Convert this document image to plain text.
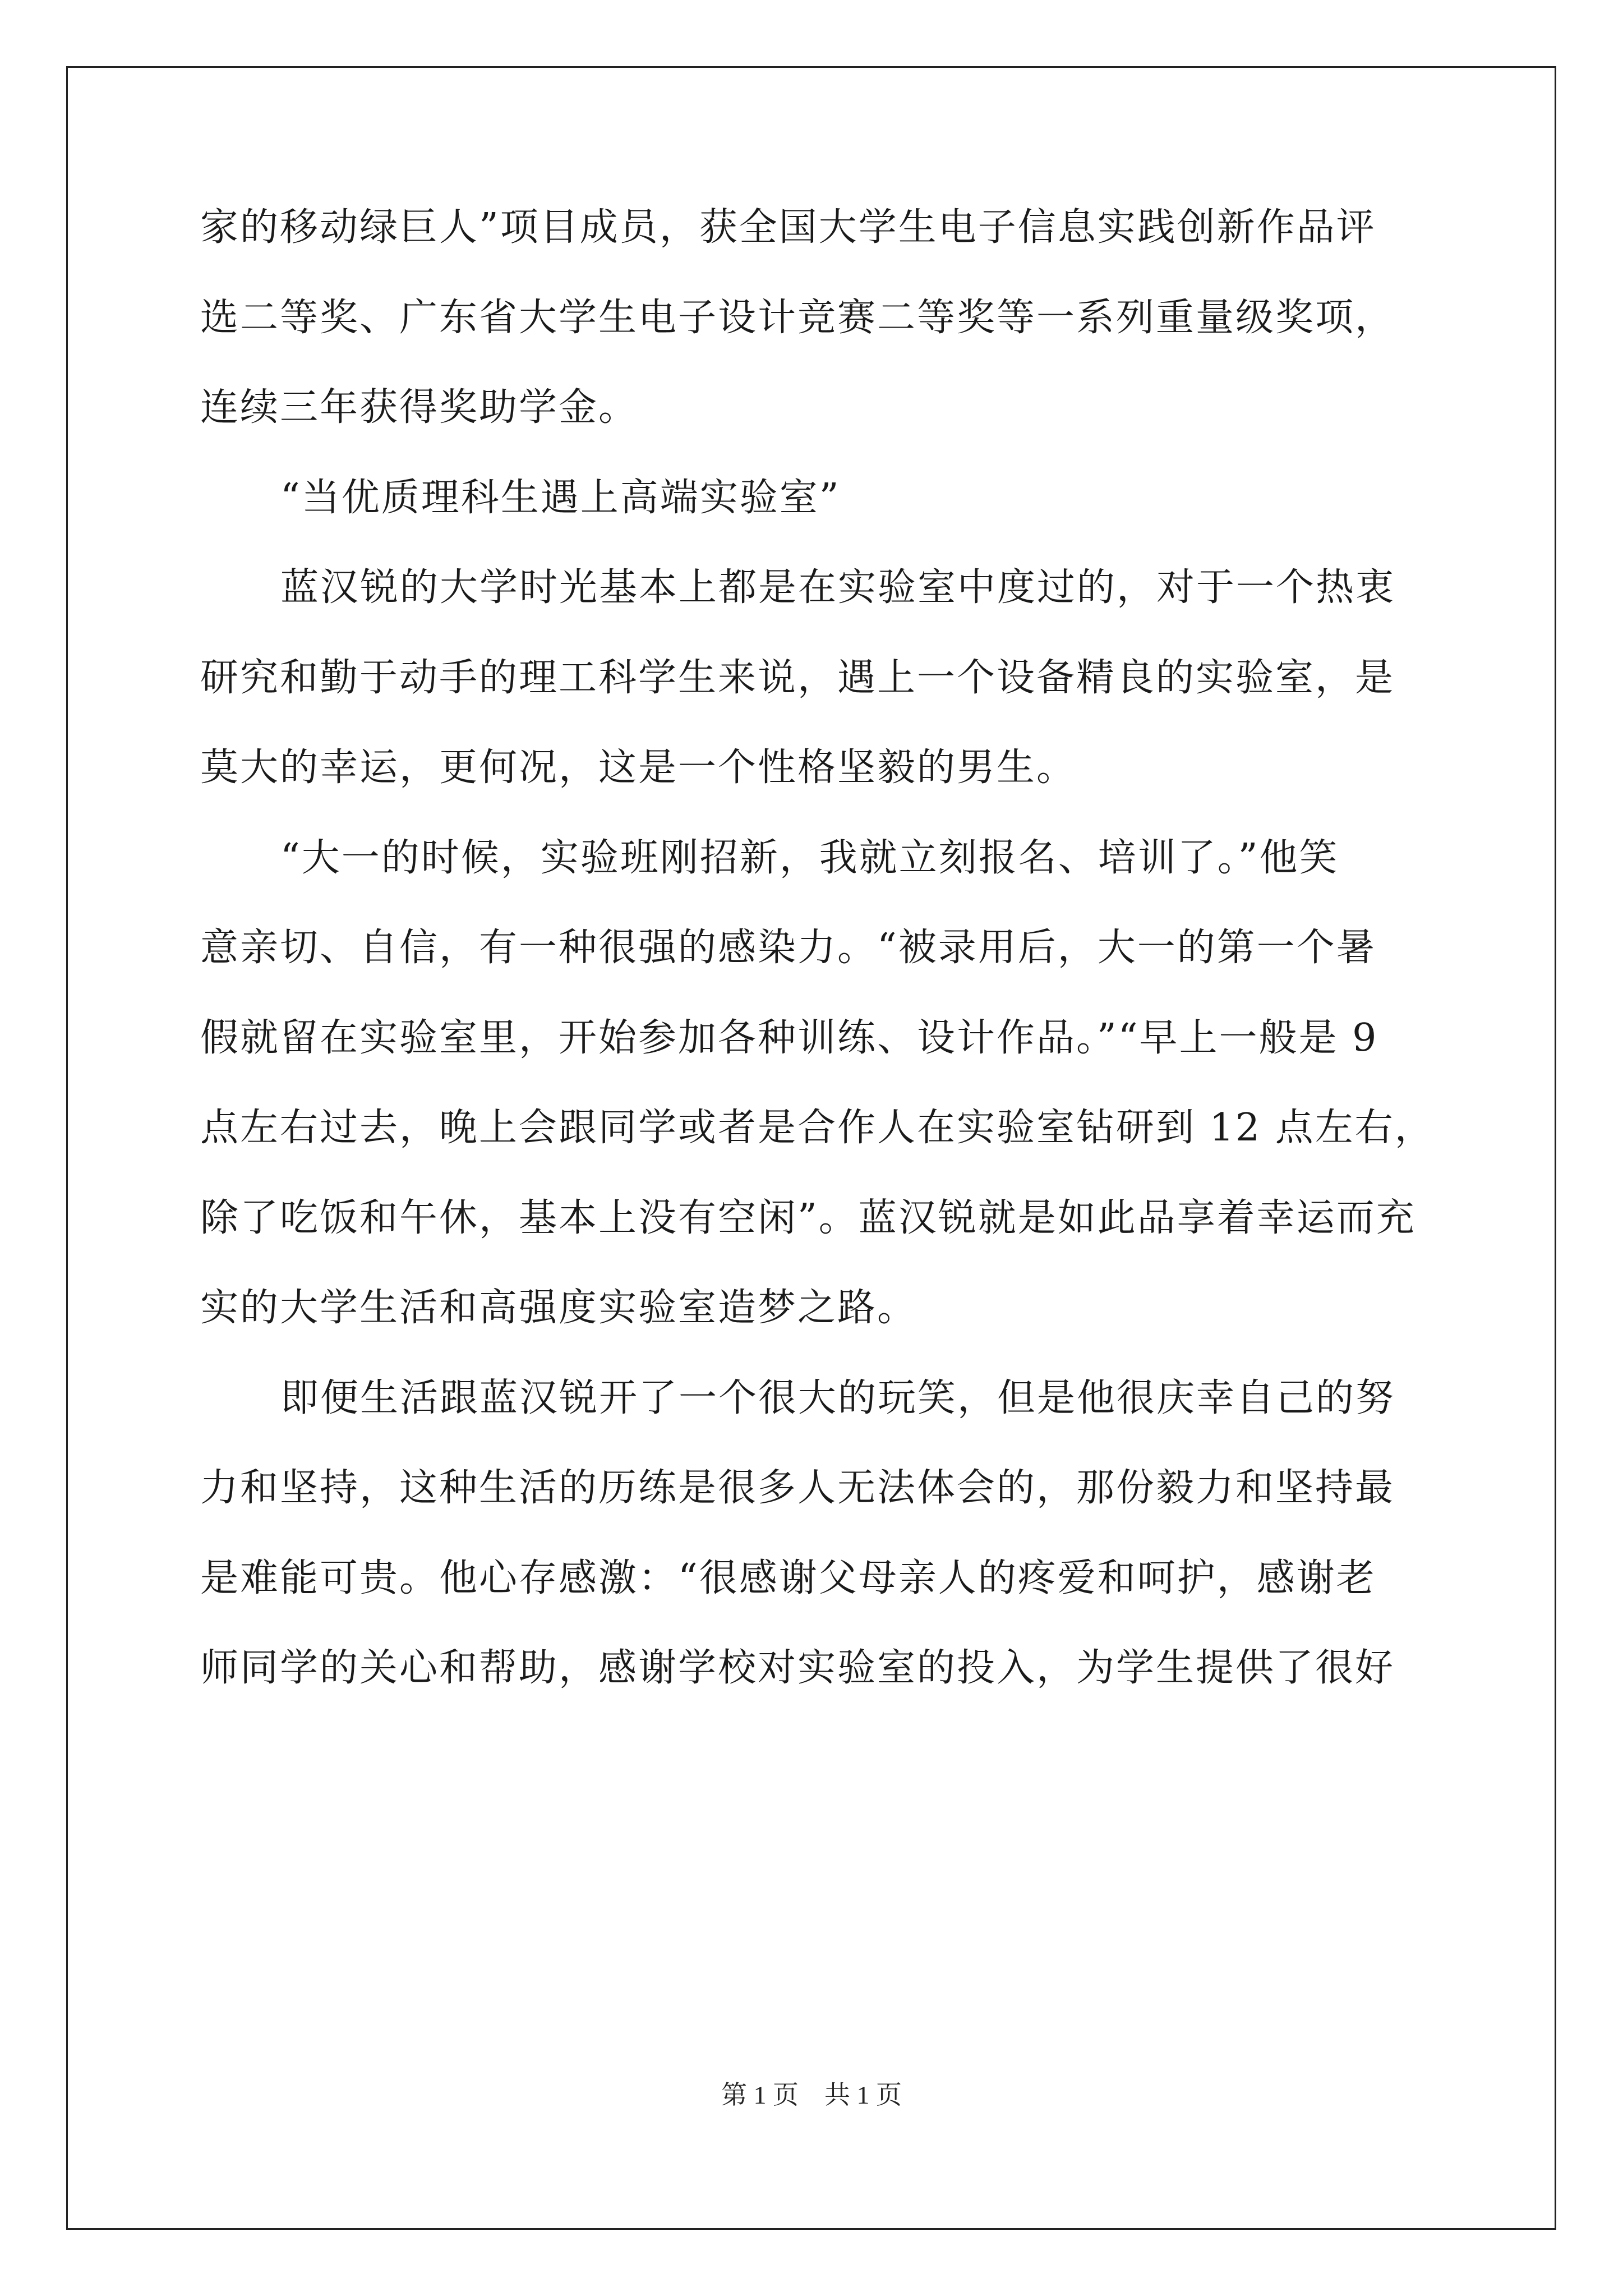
家的移动绿巨人”项目成员，获全国大学生电子信息实践创新作品评
选二等奖、广东省大学生电子设计竞赛二等奖等一系列重量级奖项，
连续三年获得奖助学金。
“当优质理科生遇上高端实验室”
蓝汉锐的大学时光基本上都是在实验室中度过的，对于一个热衷
研究和勤于动手的理工科学生来说，遇上一个设备精良的实验室，是
莫大的幸运，更何况，这是一个性格坚毅的男生。
“大一的时候，实验班刚招新，我就立刻报名、培训了。”他笑
意亲切、自信，有一种很强的感染力。“被录用后，大一的第一个暑
假就留在实验室里，开始参加各种训练、设计作品。”“早上一般是 9
点左右过去，晚上会跟同学或者是合作人在实验室钻研到 12 点左右，
除了吃饭和午休，基本上没有空闲”。蓝汉锐就是如此品享着幸运而充
实的大学生活和高强度实验室造梦之路。
即便生活跟蓝汉锐开了一个很大的玩笑，但是他很庆幸自己的努
力和坚持，这种生活的历练是很多人无法体会的，那份毅力和坚持最
是难能可贵。他心存感激：“很感谢父母亲人的疼爱和呵护，感谢老
师同学的关心和帮助，感谢学校对实验室的投入，为学生提供了很好
第 1 页    共 1 页
